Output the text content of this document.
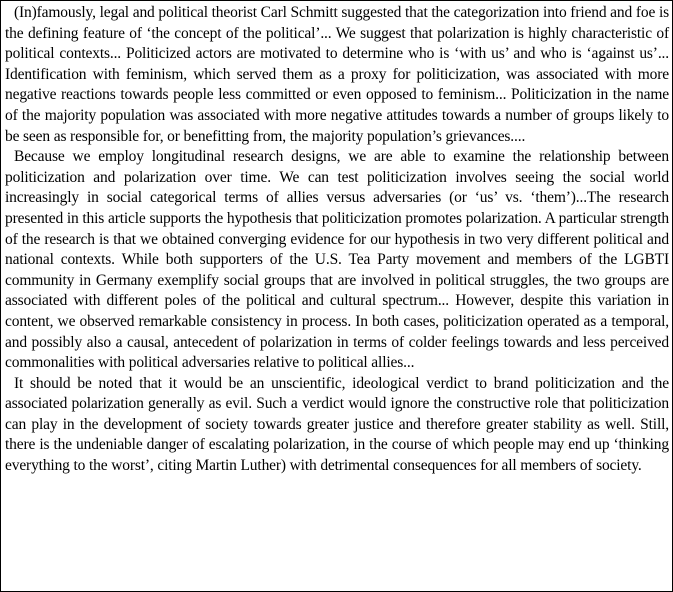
(In)famously, legal and political theorist Carl Schmitt suggested that the categorization into friend and foe is the defining feature of ‘the concept of the political’... We suggest that polarization is highly characteristic of political contexts... Politicized actors are motivated to determine who is ‘with us’ and who is ‘against us’... Identification with feminism, which served them as a proxy for politicization, was associated with more negative reactions towards people less committed or even opposed to feminism... Politicization in the name of the majority population was associated with more negative attitudes towards a number of groups likely to be seen as responsible for, or benefitting from, the majority population’s grievances....

Because we employ longitudinal research designs, we are able to examine the relationship between politicization and polarization over time. We can test politicization involves seeing the social world increasingly in social categorical terms of allies versus adversaries (or ‘us’ vs. ‘them’)...The research presented in this article supports the hypothesis that politicization promotes polarization. A particular strength of the research is that we obtained converging evidence for our hypothesis in two very different political and national contexts. While both supporters of the U.S. Tea Party movement and members of the LGBTI community in Germany exemplify social groups that are involved in political struggles, the two groups are associated with different poles of the political and cultural spectrum... However, despite this variation in content, we observed remarkable consistency in process. In both cases, politicization operated as a temporal, and possibly also a causal, antecedent of polarization in terms of colder feelings towards and less perceived commonalities with political adversaries relative to political allies...

It should be noted that it would be an unscientific, ideological verdict to brand politicization and the associated polarization generally as evil. Such a verdict would ignore the constructive role that politicization can play in the development of society towards greater justice and therefore greater stability as well. Still, there is the undeniable danger of escalating polarization, in the course of which people may end up ‘thinking everything to the worst’, citing Martin Luther) with detrimental consequences for all members of society.
